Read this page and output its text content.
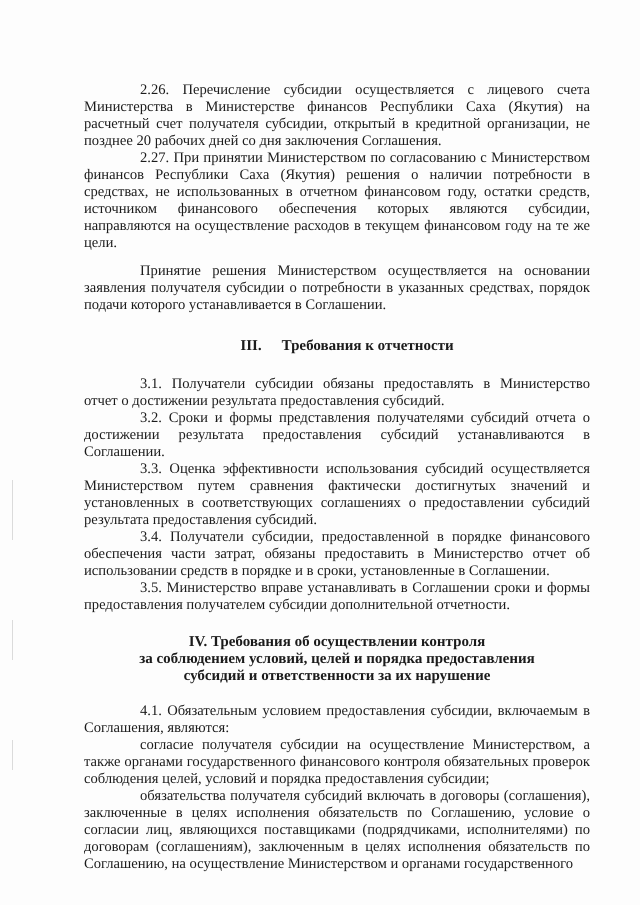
2.26. Перечисление субсидии осуществляется с лицевого счета Министерства в Министерстве финансов Республики Саха (Якутия) на расчетный счет получателя субсидии, открытый в кредитной организации, не позднее 20 рабочих дней со дня заключения Соглашения.

2.27. При принятии Министерством по согласованию с Министерством финансов Республики Саха (Якутия) решения о наличии потребности в средствах, не использованных в отчетном финансовом году, остатки средств, источником финансового обеспечения которых являются субсидии, направляются на осуществление расходов в текущем финансовом году на те же цели.

Принятие решения Министерством осуществляется на основании заявления получателя субсидии о потребности в указанных средствах, порядок подачи которого устанавливается в Соглашении.

III. Требования к отчетности

3.1. Получатели субсидии обязаны предоставлять в Министерство отчет о достижении результата предоставления субсидий.

3.2. Сроки и формы представления получателями субсидий отчета о достижении результата предоставления субсидий устанавливаются в Соглашении.

3.3. Оценка эффективности использования субсидий осуществляется Министерством путем сравнения фактически достигнутых значений и установленных в соответствующих соглашениях о предоставлении субсидий результата предоставления субсидий.

3.4. Получатели субсидии, предоставленной в порядке финансового обеспечения части затрат, обязаны предоставить в Министерство отчет об использовании средств в порядке и в сроки, установленные в Соглашении.

3.5. Министерство вправе устанавливать в Соглашении сроки и формы предоставления получателем субсидии дополнительной отчетности.

IV. Требования об осуществлении контроля
за соблюдением условий, целей и порядка предоставления
субсидий и ответственности за их нарушение

4.1. Обязательным условием предоставления субсидии, включаемым в Соглашения, являются:

согласие получателя субсидии на осуществление Министерством, а также органами государственного финансового контроля обязательных проверок соблюдения целей, условий и порядка предоставления субсидии;

обязательства получателя субсидий включать в договоры (соглашения), заключенные в целях исполнения обязательств по Соглашению, условие о согласии лиц, являющихся поставщиками (подрядчиками, исполнителями) по договорам (соглашениям), заключенным в целях исполнения обязательств по Соглашению, на осуществление Министерством и органами государственного
